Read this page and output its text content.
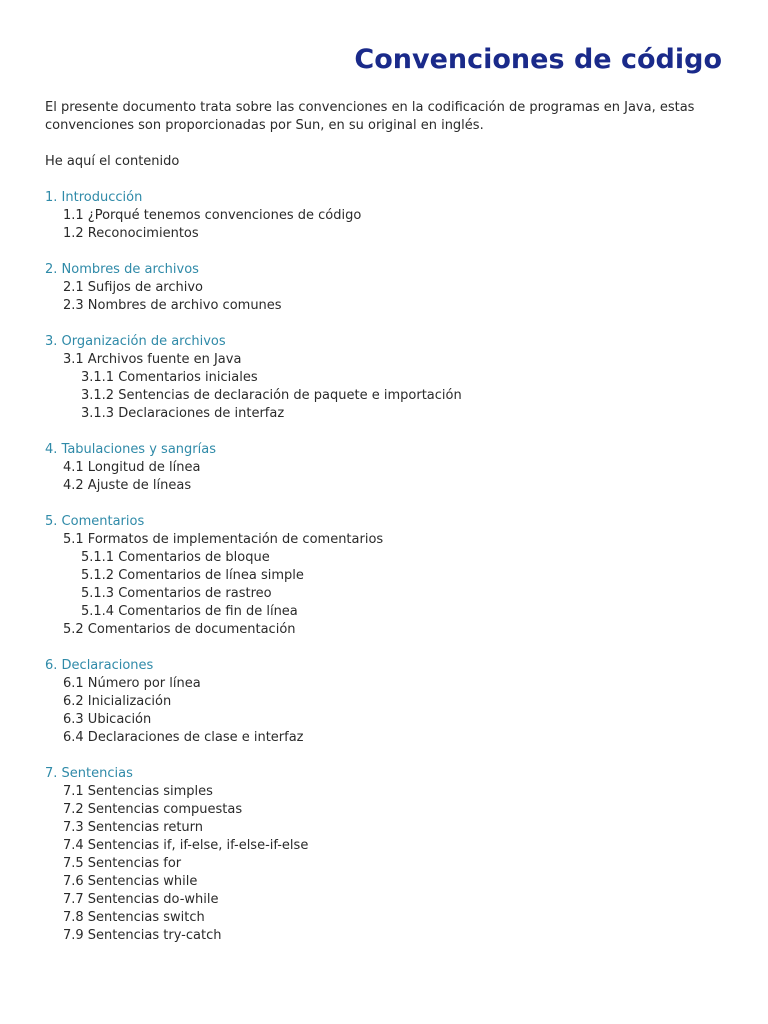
Convenciones de código

El presente documento trata sobre las convenciones en la codificación de programas en Java, estas convenciones son proporcionadas por Sun, en su original en inglés.

He aquí el contenido

1. Introducción
1.1 ¿Porqué tenemos convenciones de código
1.2 Reconocimientos
2. Nombres de archivos
2.1 Sufijos de archivo
2.3 Nombres de archivo comunes
3. Organización de archivos
3.1 Archivos fuente en Java
3.1.1 Comentarios iniciales
3.1.2 Sentencias de declaración de paquete e importación
3.1.3 Declaraciones de interfaz
4. Tabulaciones y sangrías
4.1 Longitud de línea
4.2 Ajuste de líneas
5. Comentarios
5.1 Formatos de implementación de comentarios
5.1.1 Comentarios de bloque
5.1.2 Comentarios de línea simple
5.1.3 Comentarios de rastreo
5.1.4 Comentarios de fin de línea
5.2 Comentarios de documentación
6. Declaraciones
6.1 Número por línea
6.2 Inicialización
6.3 Ubicación
6.4 Declaraciones de clase e interfaz
7. Sentencias
7.1 Sentencias simples
7.2 Sentencias compuestas
7.3 Sentencias return
7.4 Sentencias if, if-else, if-else-if-else
7.5 Sentencias for
7.6 Sentencias while
7.7 Sentencias do-while
7.8 Sentencias switch
7.9 Sentencias try-catch
